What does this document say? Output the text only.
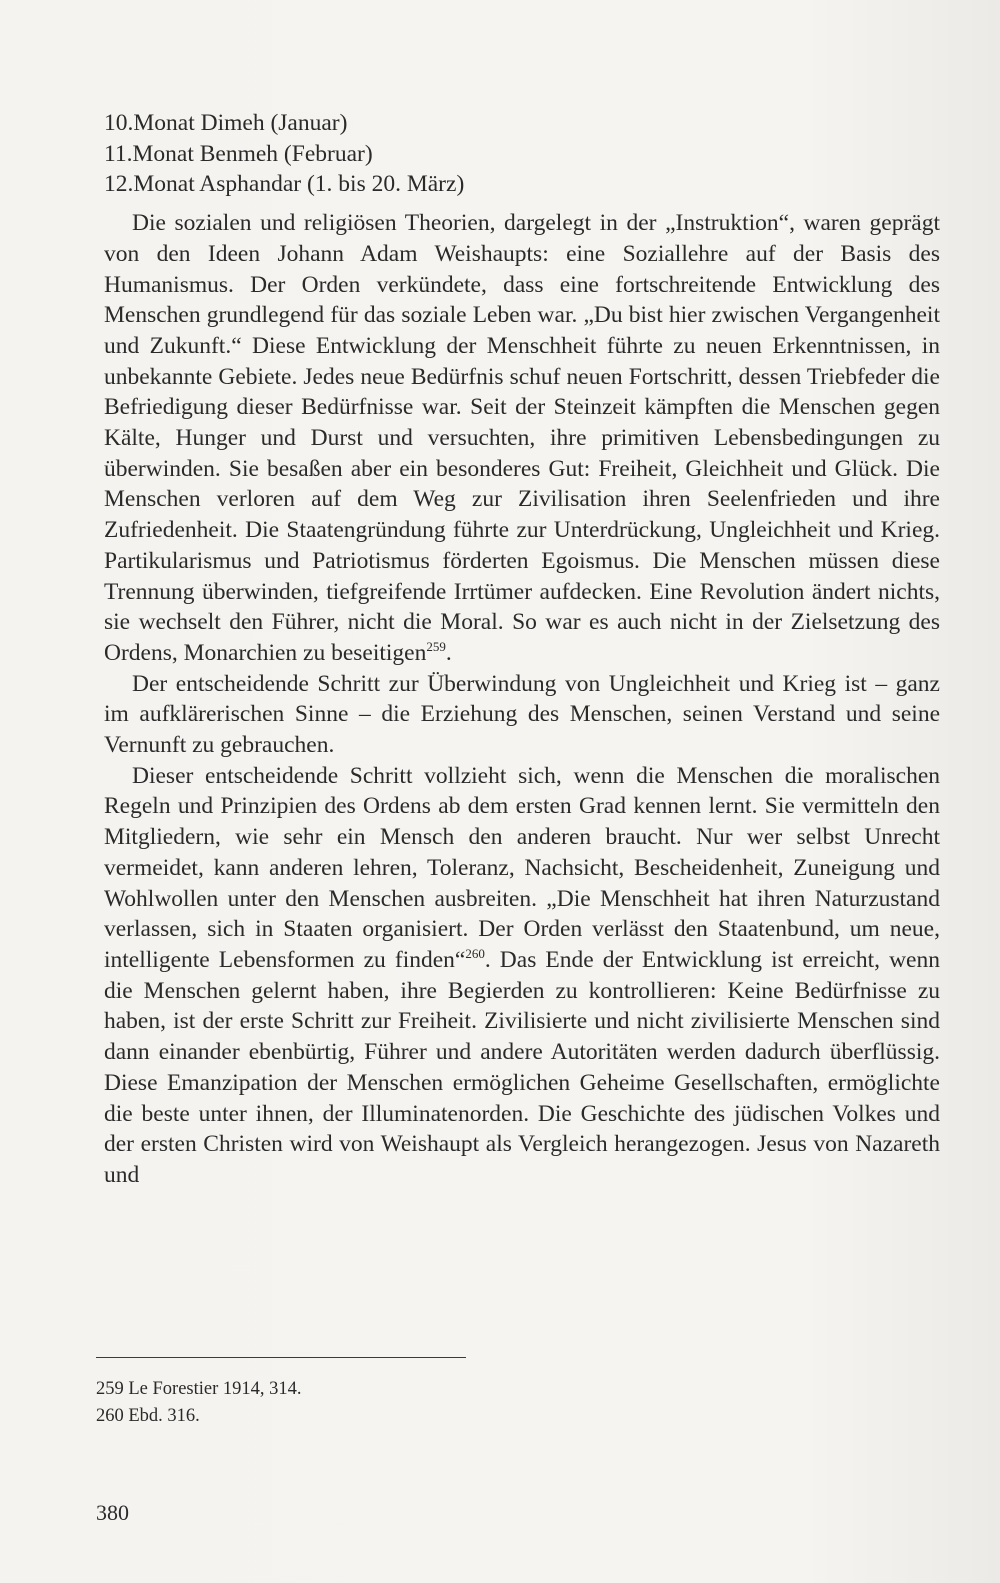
10.Monat Dimeh (Januar)
11.Monat Benmeh (Februar)
12.Monat Asphandar (1. bis 20. März)

Die sozialen und religiösen Theorien, dargelegt in der „Instruktion“, waren geprägt von den Ideen Johann Adam Weishaupts: eine Soziallehre auf der Basis des Humanismus. Der Orden verkündete, dass eine fortschreitende Entwicklung des Menschen grundlegend für das soziale Leben war. „Du bist hier zwischen Vergangenheit und Zukunft.“ Diese Entwicklung der Menschheit führte zu neuen Erkenntnissen, in unbekannte Gebiete. Jedes neue Bedürfnis schuf neuen Fortschritt, dessen Triebfeder die Befriedigung dieser Bedürfnisse war. Seit der Steinzeit kämpften die Menschen gegen Kälte, Hunger und Durst und versuchten, ihre primitiven Lebensbedingungen zu überwinden. Sie besaßen aber ein besonderes Gut: Freiheit, Gleichheit und Glück. Die Menschen verloren auf dem Weg zur Zivilisation ihren Seelenfrieden und ihre Zufriedenheit. Die Staatengründung führte zur Unterdrückung, Ungleichheit und Krieg. Partikularismus und Patriotismus förderten Egoismus. Die Menschen müssen diese Trennung überwinden, tiefgreifende Irrtümer aufdecken. Eine Revolution ändert nichts, sie wechselt den Führer, nicht die Moral. So war es auch nicht in der Zielsetzung des Ordens, Monarchien zu beseitigen$^{259}$.

Der entscheidende Schritt zur Überwindung von Ungleichheit und Krieg ist – ganz im aufklärerischen Sinne – die Erziehung des Menschen, seinen Verstand und seine Vernunft zu gebrauchen.

Dieser entscheidende Schritt vollzieht sich, wenn die Menschen die moralischen Regeln und Prinzipien des Ordens ab dem ersten Grad kennen lernt. Sie vermitteln den Mitgliedern, wie sehr ein Mensch den anderen braucht. Nur wer selbst Unrecht vermeidet, kann anderen lehren, Toleranz, Nachsicht, Bescheidenheit, Zuneigung und Wohlwollen unter den Menschen ausbreiten. „Die Menschheit hat ihren Naturzustand verlassen, sich in Staaten organisiert. Der Orden verlässt den Staatenbund, um neue, intelligente Lebensformen zu finden“$^{260}$. Das Ende der Entwicklung ist erreicht, wenn die Menschen gelernt haben, ihre Begierden zu kontrollieren: Keine Bedürfnisse zu haben, ist der erste Schritt zur Freiheit. Zivilisierte und nicht zivilisierte Menschen sind dann einander ebenbürtig, Führer und andere Autoritäten werden dadurch überflüssig. Diese Emanzipation der Menschen ermöglichen Geheime Gesellschaften, ermöglichte die beste unter ihnen, der Illuminatenorden. Die Geschichte des jüdischen Volkes und der ersten Christen wird von Weishaupt als Vergleich herangezogen. Jesus von Nazareth und

259 Le Forestier 1914, 314.
260 Ebd. 316.
380
